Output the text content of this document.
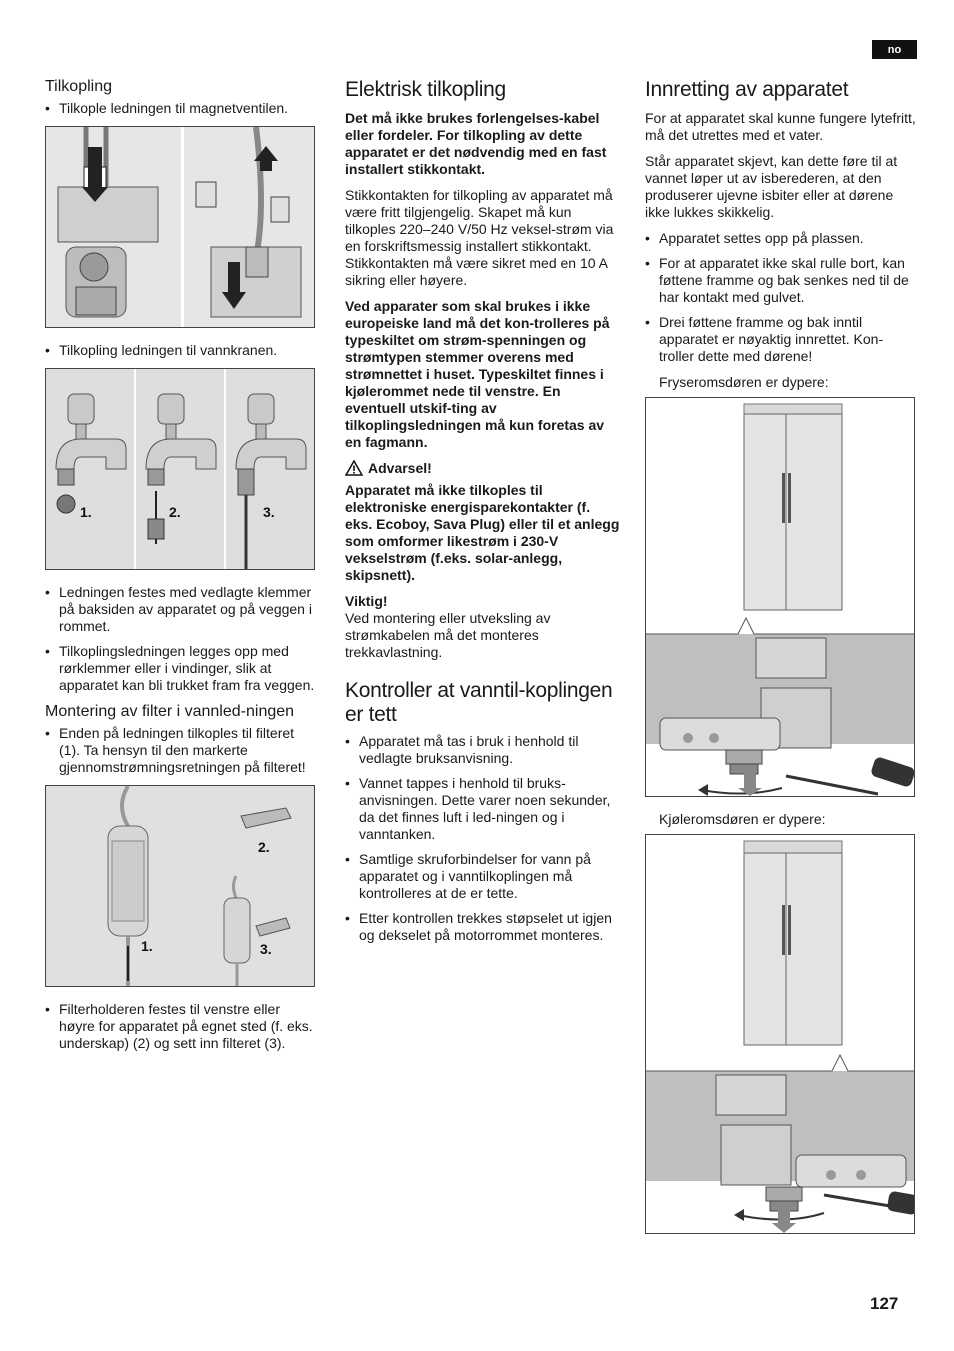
no
Tilkopling
• Tilkople ledningen til magnetventilen.
• Tilkopling ledningen til vannkranen.
1.	2.	3.
• Ledningen festes med vedlagte klemmer på baksiden av apparatet og på veggen i rommet.
• Tilkoplingsledningen legges opp med rørklemmer eller i vindinger, slik at apparatet kan bli trukket fram fra veggen.
Montering av filter i vannled-ningen
• Enden på ledningen tilkoples til filteret (1). Ta hensyn til den markerte gjennomstrømningsretningen på filteret!
2.
1.	3.
• Filterholderen festes til venstre eller høyre for apparatet på egnet sted (f. eks. underskap) (2) og sett inn filteret (3).
Elektrisk tilkopling

Det må ikke brukes forlengelses-kabel eller fordeler. For tilkopling av dette apparatet er det nødvendig med en fast installert stikkontakt.

Stikkontakten for tilkopling av apparatet må være fritt tilgjengelig. Skapet må kun tilkoples 220–240 V/50 Hz veksel-strøm via en forskriftsmessig installert stikkontakt. Stikkontakten må være sikret med en 10 A sikring eller høyere.

Ved apparater som skal brukes i ikke europeiske land må det kon-trolleres på typeskiltet om strøm-spenningen og strømtypen stemmer overens med strømnettet i huset. Typeskiltet finnes i kjølerommet nede til venstre. En eventuell utskif-ting av tilkoplingsledningen må kun foretas av en fagmann.

Advarsel!

Apparatet må ikke tilkoples til elektroniske energisparekontakter (f. eks. Ecoboy, Sava Plug) eller til et anlegg som omformer likestrøm i 230-V vekselstrøm (f.eks. solar-anlegg, skipsnett).

Viktig!

Ved montering eller utveksling av strømkabelen må det monteres trekkavlastning.

Kontroller at vanntil-koplingen er tett
• Apparatet må tas i bruk i henhold til vedlagte bruksanvisning.
• Vannet tappes i henhold til bruks-anvisningen. Dette varer noen sekunder, da det finnes luft i led-ningen og i vanntanken.
• Samtlige skruforbindelser for vann på apparatet og i vanntilkoplingen må kontrolleres at de er tette.
• Etter kontrollen trekkes støpselet ut igjen og dekselet på motorrommet monteres.
Innretting av apparatet

For at apparatet skal kunne fungere lytefritt, må det utrettes med et vater.

Står apparatet skjevt, kan dette føre til at vannet løper ut av isberederen, at den produserer ujevne isbiter eller at dørene ikke lukkes skikkelig.

• Apparatet settes opp på plassen.
• For at apparatet ikke skal rulle bort, kan føttene framme og bak senkes ned til de har kontakt med gulvet.
• Drei føttene framme og bak inntil apparatet er nøyaktig innrettet. Kon-troller dette med dørene!

Fryseromsdøren er dypere:

Kjøleromsdøren er dypere:

127
